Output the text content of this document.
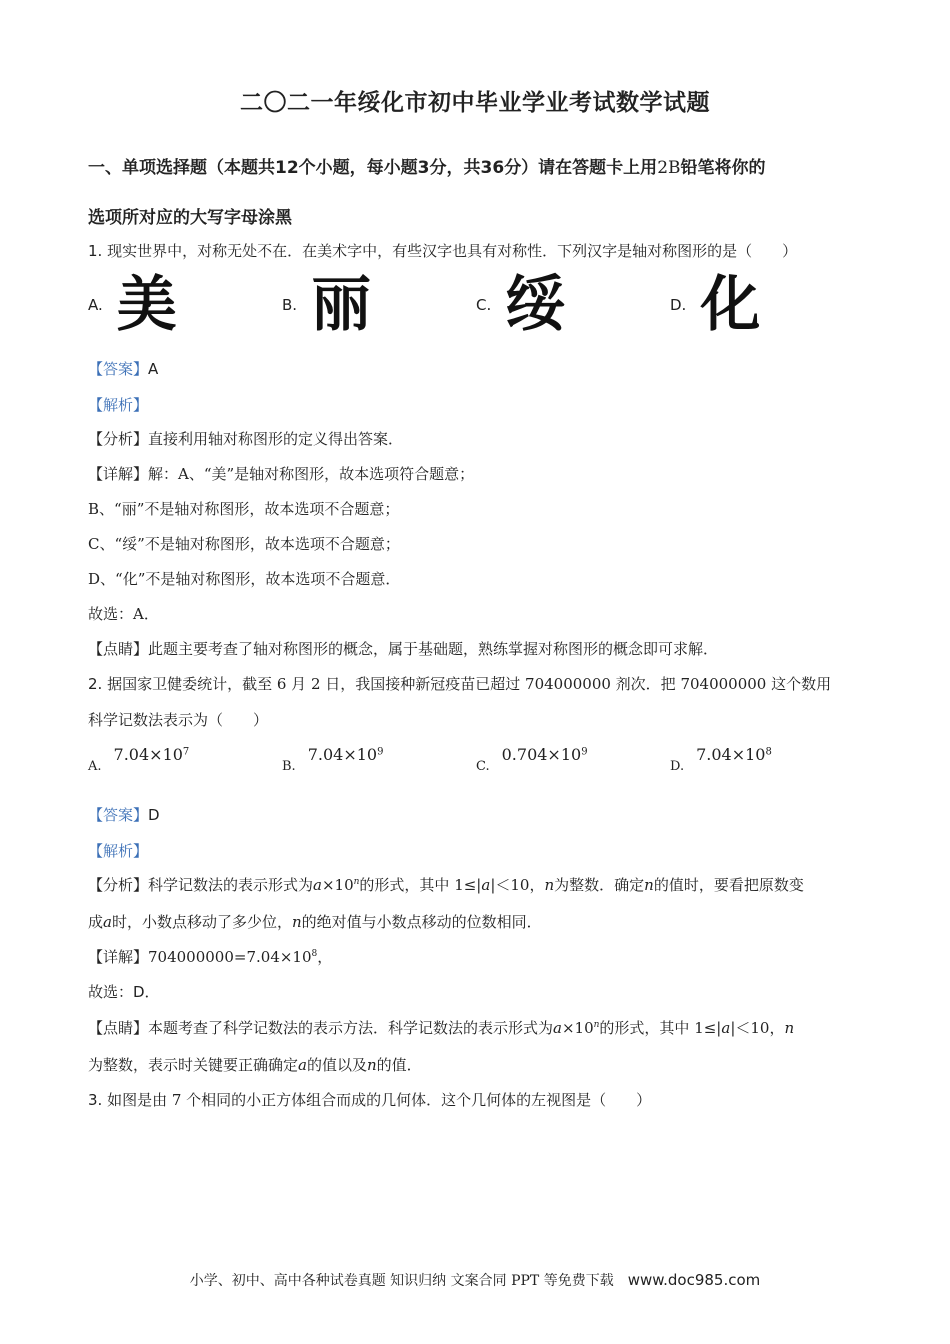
二〇二一年绥化市初中毕业学业考试数学试题
一、单项选择题（本题共12个小题，每小题3分，共36分）请在答题卡上用2B铅笔将你的
选项所对应的大写字母涂黑
1. 现实世界中，对称无处不在．在美术字中，有些汉字也具有对称性．下列汉字是轴对称图形的是（　　）
A. 美	B. 丽	C. 绥	D. 化
【答案】A
【解析】
【分析】直接利用轴对称图形的定义得出答案．
【详解】解：A、“美”是轴对称图形，故本选项符合题意；
B、“丽”不是轴对称图形，故本选项不合题意；
C、“绥”不是轴对称图形，故本选项不合题意；
D、“化”不是轴对称图形，故本选项不合题意．
故选：A．
【点睛】此题主要考查了轴对称图形的概念，属于基础题，熟练掌握对称图形的概念即可求解．
2. 据国家卫健委统计，截至 6 月 2 日，我国接种新冠疫苗已超过 704000000 剂次．把 704000000 这个数用
科学记数法表示为（　　）
$A.7.04\times 10^7$
$B.7.04\times 10^9$
$C.0.704\times 10^9$
$D.7.04\times 10^8$
【答案】D
【解析】
【分析】科学记数法的表示形式为$a\times 10^n$的形式，其中 1≤|a|＜10，n为整数．确定n的值时，要看把原数变
成a时，小数点移动了多少位，n的绝对值与小数点移动的位数相同．
【详解】$704000000=7.04\times 10^8$，
故选：D．
【点睛】本题考查了科学记数法的表示方法．科学记数法的表示形式为$a\times 10^n$的形式，其中 1≤|a|＜10，n
为整数，表示时关键要正确确定a的值以及n的值．
3. 如图是由 7 个相同的小正方体组合而成的几何体．这个几何体的左视图是（　　）
小学、初中、高中各种试卷真题 知识归纳 文案合同 PPT 等免费下载 www.doc985.com
